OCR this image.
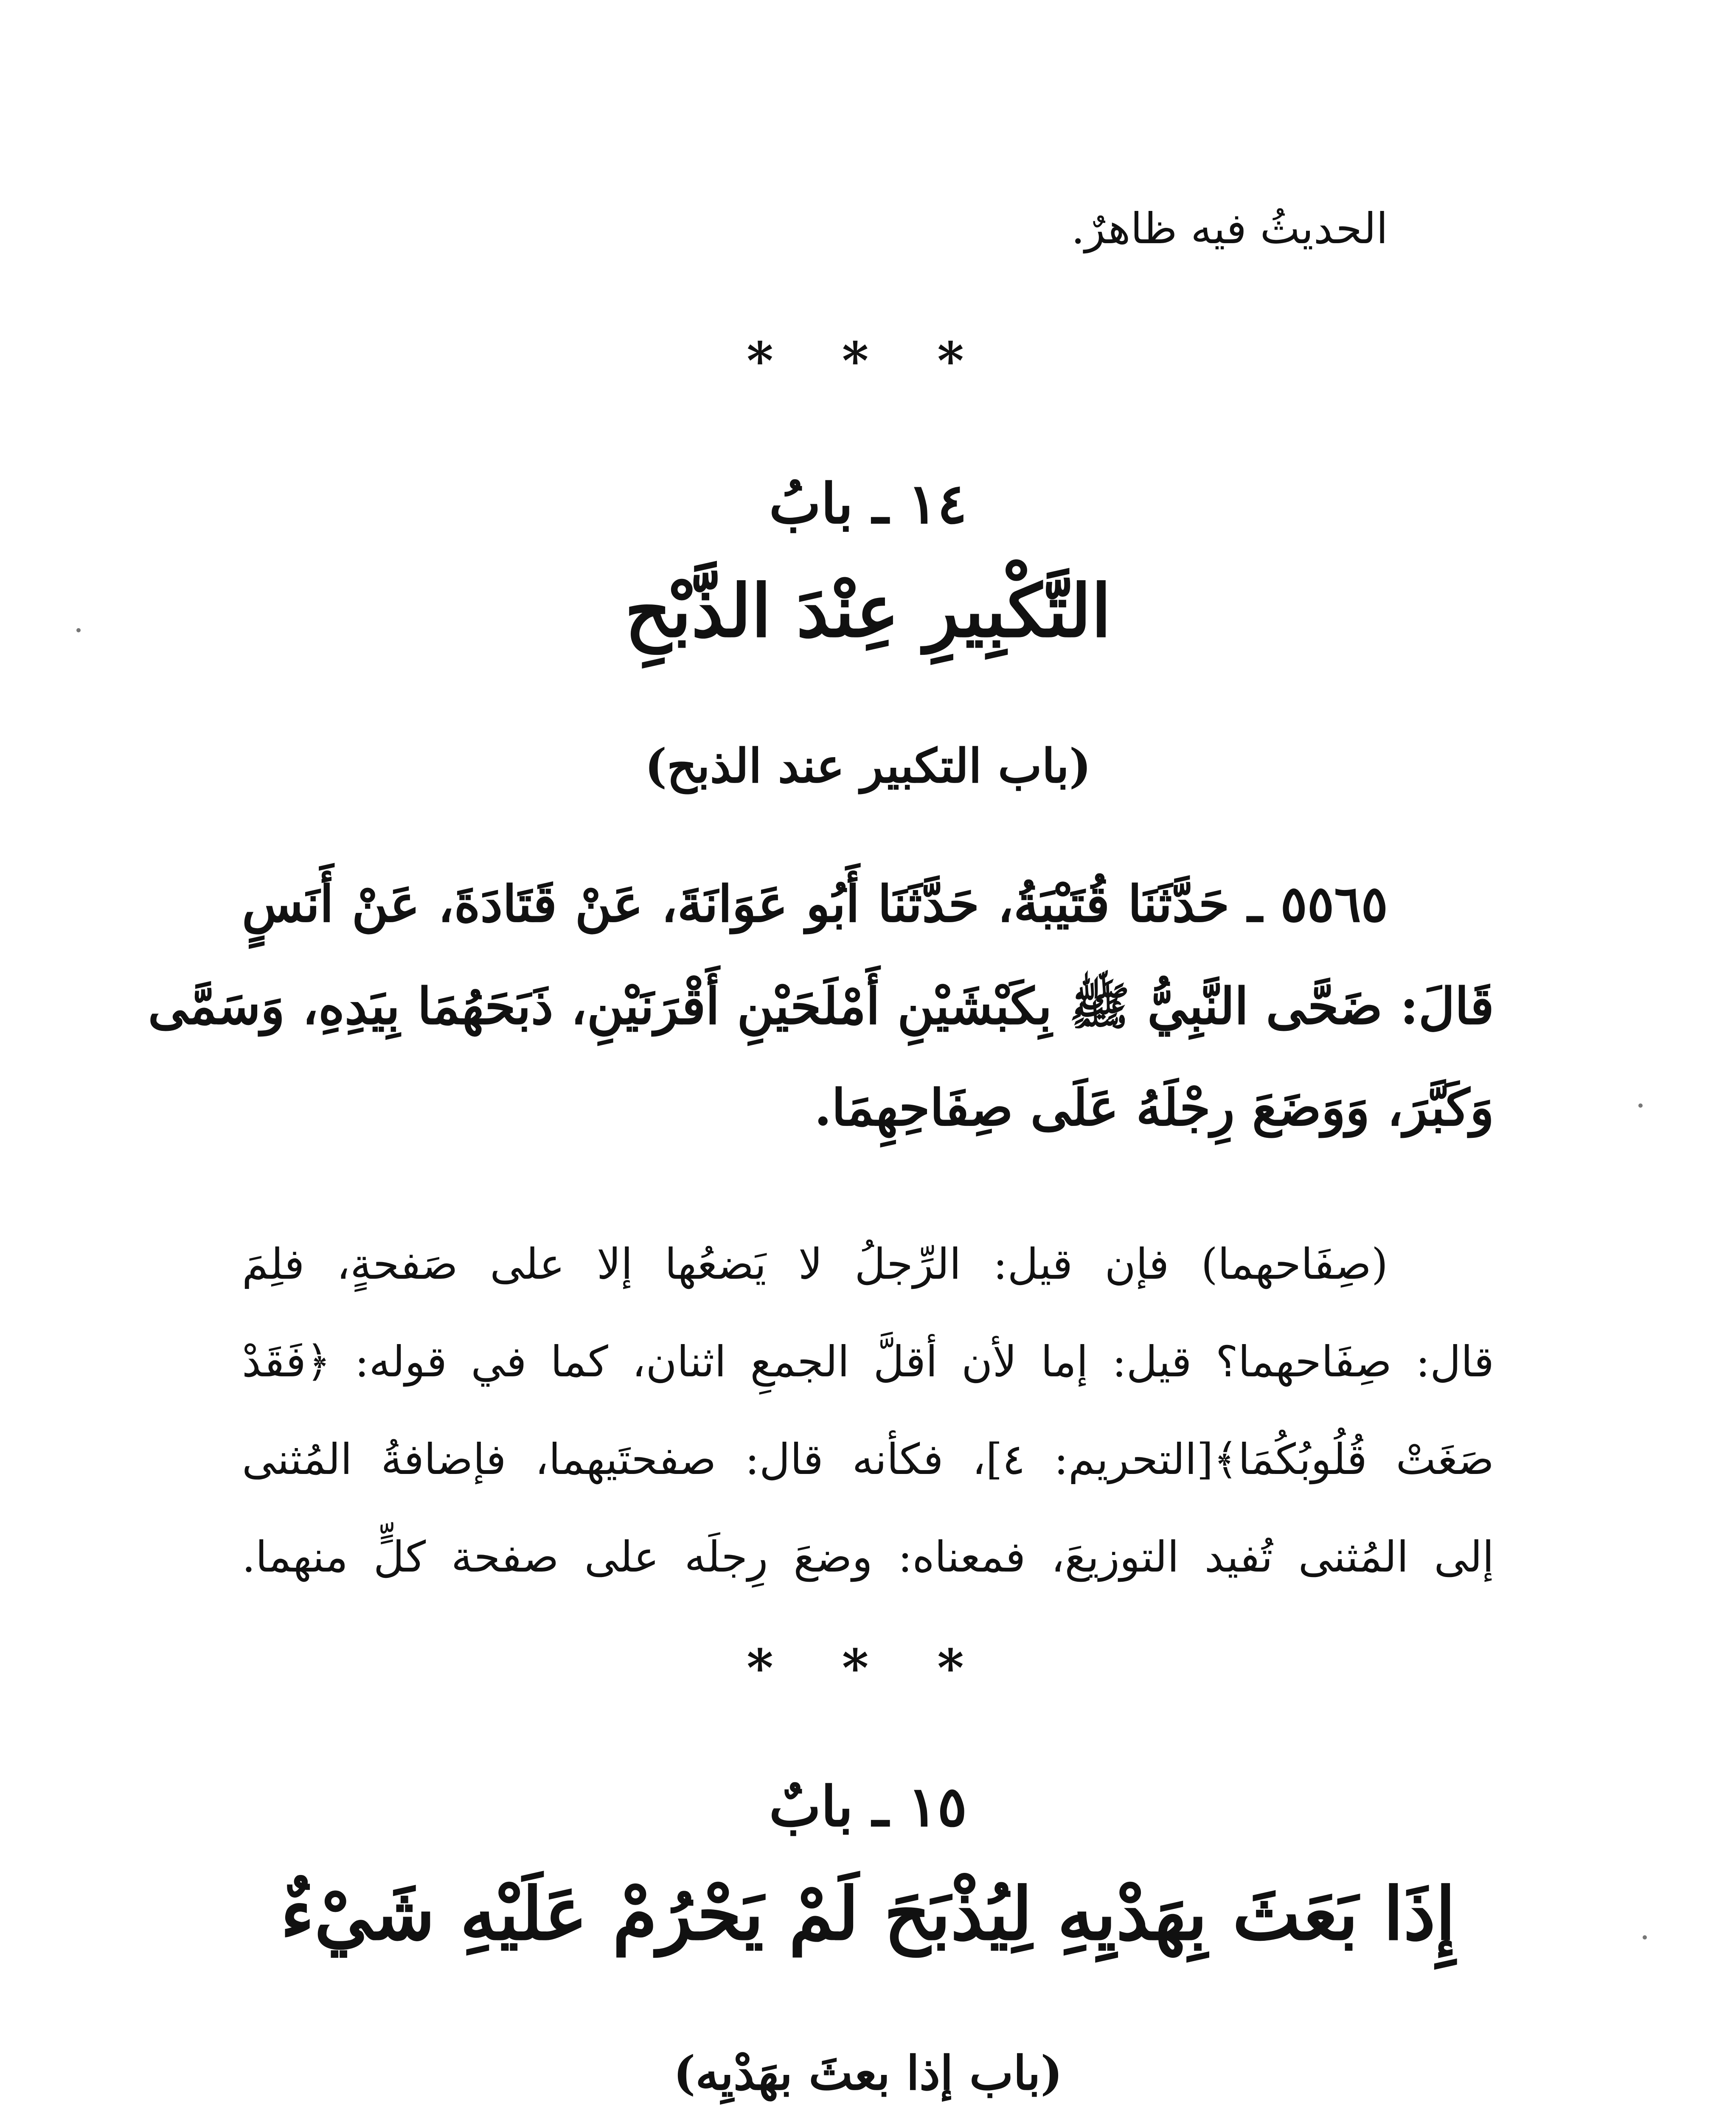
الحديثُ فيه ظاهرٌ.
* * *
١٤ ـ بابُ
التَّكْبِيرِ عِنْدَ الذَّبْحِ
(باب التكبير عند الذبح)
٥٥٦٥ ـ حَدَّثَنَا قُتَيْبَةُ، حَدَّثَنَا أَبُو عَوَانَةَ، عَنْ قَتَادَةَ، عَنْ أَنَسٍ
قَالَ: ضَحَّى النَّبِيُّ ﷺ بِكَبْشَيْنِ أَمْلَحَيْنِ أَقْرَنَيْنِ، ذَبَحَهُمَا بِيَدِهِ، وَسَمَّى
وَكَبَّرَ، وَوَضَعَ رِجْلَهُ عَلَى صِفَاحِهِمَا.
(صِفَاحهما) فإن قيل: الرِّجلُ لا يَضعُها إلا على صَفحةٍ، فلِمَ
قال: صِفَاحهما؟ قيل: إما لأن أقلَّ الجمعِ اثنان، كما في قوله: ﴿فَقَدْ
صَغَتْ قُلُوبُكُمَا﴾[التحريم: ٤]، فكأنه قال: صفحتَيهما، فإضافةُ المُثنى
إلى المُثنى تُفيد التوزيعَ، فمعناه: وضعَ رِجلَه على صفحة كلٍّ منهما.
* * *
١٥ ـ بابٌ
إِذَا بَعَثَ بِهَدْيِهِ لِيُذْبَحَ لَمْ يَحْرُمْ عَلَيْهِ شَيْءٌ
(باب إذا بعثَ بهَدْيِه)
